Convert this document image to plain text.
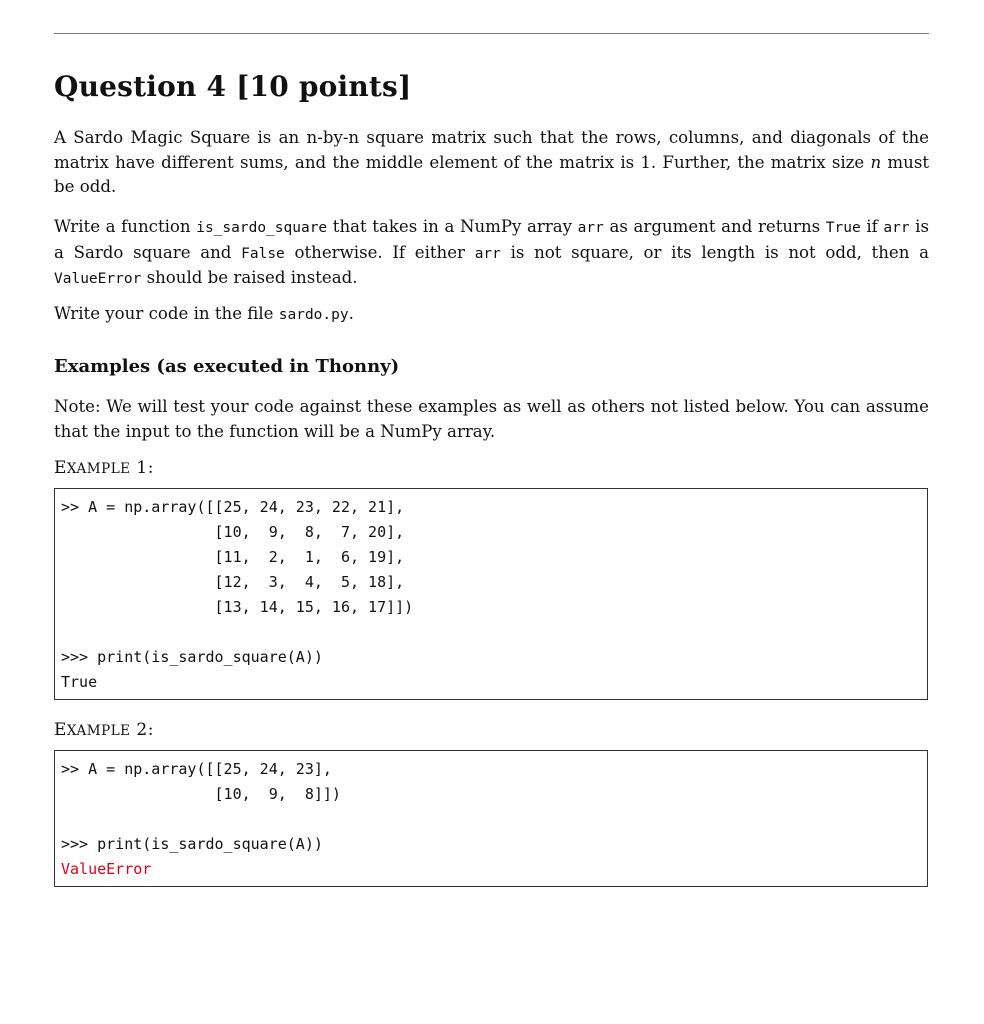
Question 4 [10 points]

A Sardo Magic Square is an n-by-n square matrix such that the rows, columns, and diagonals of the matrix have different sums, and the middle element of the matrix is 1. Further, the matrix size n must be odd.

Write a function is_sardo_square that takes in a NumPy array arr as argument and returns True if arr is a Sardo square and False otherwise. If either arr is not square, or its length is not odd, then a ValueError should be raised instead.

Write your code in the file sardo.py.

Examples (as executed in Thonny)

Note: We will test your code against these examples as well as others not listed below. You can assume that the input to the function will be a NumPy array.

EXAMPLE 1:

>> A = np.array([[25, 24, 23, 22, 21],
[10,  9,  8,  7, 20],
[11,  2,  1,  6, 19],
[12,  3,  4,  5, 18],
[13, 14, 15, 16, 17]])

>>> print(is_sardo_square(A))
True

EXAMPLE 2:

>> A = np.array([[25, 24, 23],
[10,  9,  8]])

>>> print(is_sardo_square(A))
ValueError
